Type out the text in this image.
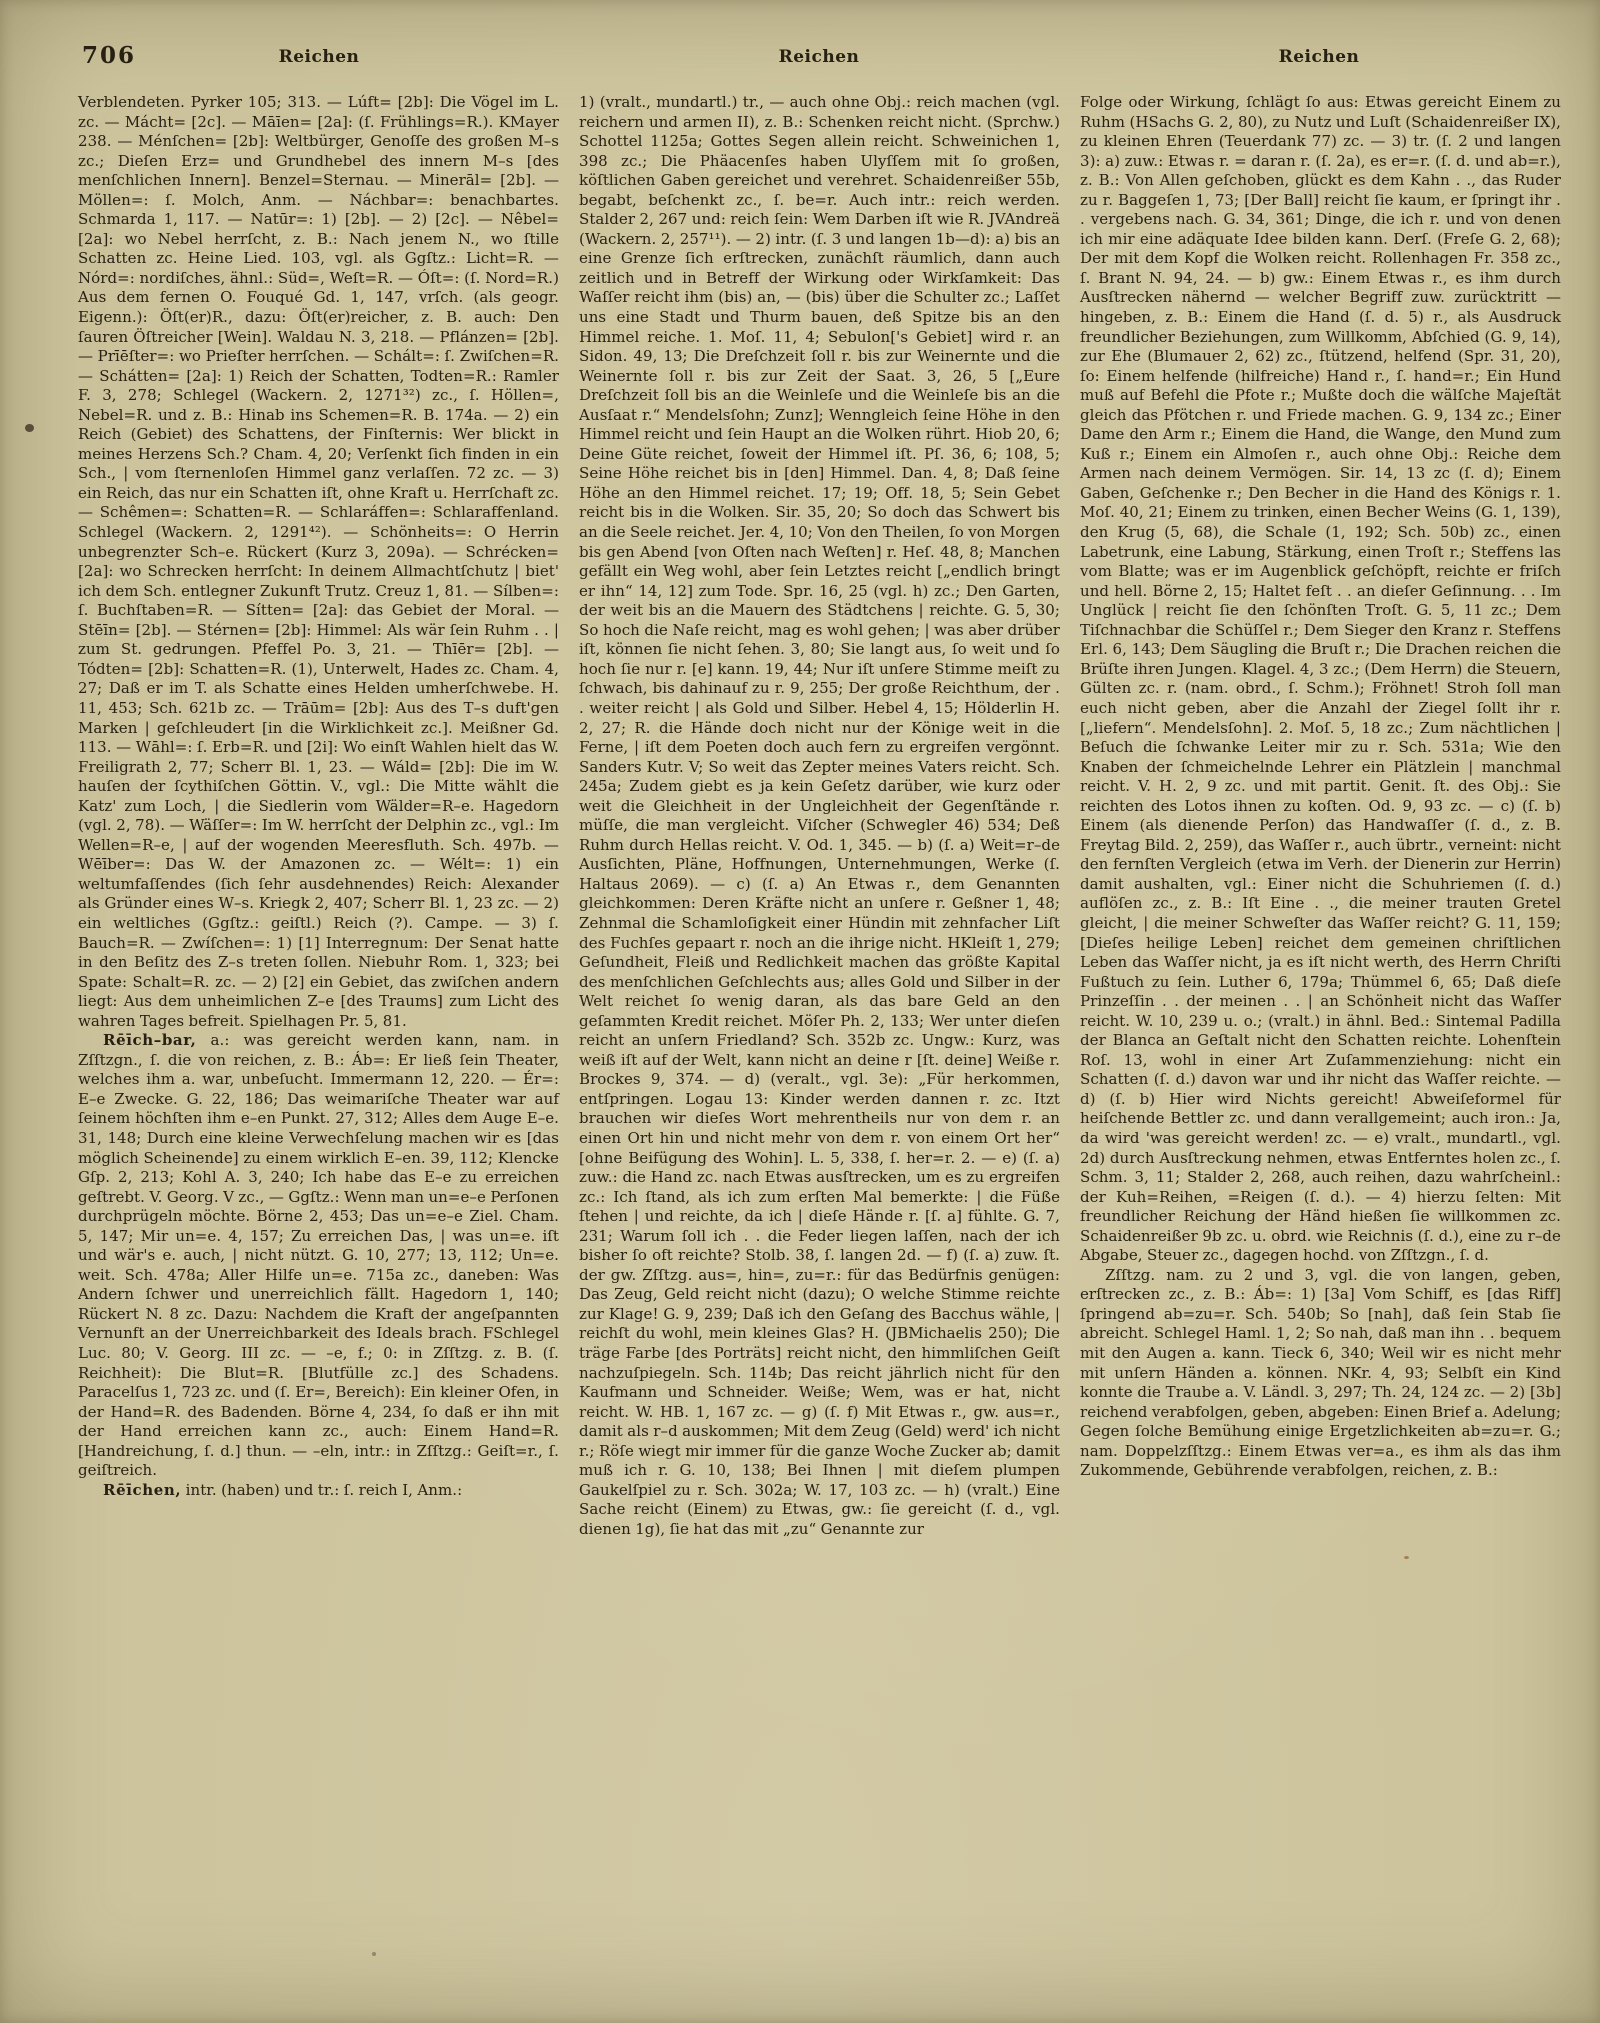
706	Reichen	Reichen	Reichen

Verblendeten. Pyrker 105; 313. — Lúft= [2b]: Die Vögel im L. zc. — Mácht= [2c]. — Māīen= [2a]: (ſ. Frühlings=R.). KMayer 238. — Ménſchen= [2b]: Weltbürger, Genoſſe des großen M–s zc.; Dieſen Erz= und Grundhebel des innern M–s [des menſchlichen Innern]. Benzel=Sternau. — Minerāl= [2b]. — Möllen=: ſ. Molch, Anm. — Náchbar=: benachbartes. Schmarda 1, 117. — Natūr=: 1) [2b]. — 2) [2c]. — Nêbel= [2a]: wo Nebel herrſcht, z. B.: Nach jenem N., wo ſtille Schatten zc. Heine Lied. 103, vgl. als Ggſtz.: Licht=R. — Nórd=: nordiſches, ähnl.: Süd=, Weſt=R. — Óſt=: (ſ. Nord=R.) Aus dem fernen O. Fouqué Gd. 1, 147, vrſch. (als geogr. Eigenn.): Öſt(er)R., dazu: Öſt(er)reicher, z. B. auch: Den ſauren Öſtreicher [Wein]. Waldau N. 3, 218. — Pflánzen= [2b]. — Prīēſter=: wo Prieſter herrſchen. — Schált=: ſ. Zwiſchen=R. — Schátten= [2a]: 1) Reich der Schatten, Todten=R.: Ramler F. 3, 278; Schlegel (Wackern. 2, 1271³²) zc., ſ. Höllen=, Nebel=R. und z. B.: Hinab ins Schemen=R. B. 174a. — 2) ein Reich (Gebiet) des Schattens, der Finſternis: Wer blickt in meines Herzens Sch.? Cham. 4, 20; Verſenkt ſich finden in ein Sch., | vom ſternenloſen Himmel ganz verlaſſen. 72 zc. — 3) ein Reich, das nur ein Schatten iſt, ohne Kraft u. Herrſchaft zc. — Schêmen=: Schatten=R. — Schlaráffen=: Schlaraffenland. Schlegel (Wackern. 2, 1291⁴²). — Schönheits=: O Herrin unbegrenzter Sch–e. Rückert (Kurz 3, 209a). — Schrécken= [2a]: wo Schrecken herrſcht: In deinem Allmachtſchutz | biet' ich dem Sch. entlegner Zukunft Trutz. Creuz 1, 81. — Sílben=: ſ. Buchſtaben=R. — Sítten= [2a]: das Gebiet der Moral. — Stēīn= [2b]. — Stérnen= [2b]: Himmel: Als wär ſein Ruhm . . | zum St. gedrungen. Pfeffel Po. 3, 21. — Thīēr= [2b]. — Tódten= [2b]: Schatten=R. (1), Unterwelt, Hades zc. Cham. 4, 27; Daß er im T. als Schatte eines Helden umherſchwebe. H. 11, 453; Sch. 621b zc. — Trāūm= [2b]: Aus des T–s duft'gen Marken | geſchleudert [in die Wirklichkeit zc.]. Meißner Gd. 113. — Wāhl=: ſ. Erb=R. und [2i]: Wo einſt Wahlen hielt das W. Freiligrath 2, 77; Scherr Bl. 1, 23. — Wáld= [2b]: Die im W. hauſen der ſcythiſchen Göttin. V., vgl.: Die Mitte wählt die Katz' zum Loch, | die Siedlerin vom Wälder=R–e. Hagedorn (vgl. 2, 78). — Wäſſer=: Im W. herrſcht der Delphin zc., vgl.: Im Wellen=R–e, | auf der wogenden Meeresfluth. Sch. 497b. — Wēīber=: Das W. der Amazonen zc. — Wélt=: 1) ein weltumfaſſendes (ſich ſehr ausdehnendes) Reich: Alexander als Gründer eines W–s. Kriegk 2, 407; Scherr Bl. 1, 23 zc. — 2) ein weltliches (Ggſtz.: geiſtl.) Reich (?). Campe. — 3) ſ. Bauch=R. — Zwíſchen=: 1) [1] Interregnum: Der Senat hatte in den Beſitz des Z–s treten ſollen. Niebuhr Rom. 1, 323; bei Spate: Schalt=R. zc. — 2) [2] ein Gebiet, das zwiſchen andern liegt: Aus dem unheimlichen Z–e [des Traums] zum Licht des wahren Tages befreit. Spielhagen Pr. 5, 81.

Rēīch–bar, a.: was gereicht werden kann, nam. in Zſſtzgn., ſ. die von reichen, z. B.: Áb=: Er ließ ſein Theater, welches ihm a. war, unbeſucht. Immermann 12, 220. — Ér=: E–e Zwecke. G. 22, 186; Das weimariſche Theater war auf ſeinem höchſten ihm e–en Punkt. 27, 312; Alles dem Auge E–e. 31, 148; Durch eine kleine Verwechſelung machen wir es [das möglich Scheinende] zu einem wirklich E–en. 39, 112; Klencke Gſp. 2, 213; Kohl A. 3, 240; Ich habe das E–e zu erreichen geſtrebt. V. Georg. V zc., — Ggſtz.: Wenn man un=e–e Perſonen durchprügeln möchte. Börne 2, 453; Das un=e–e Ziel. Cham. 5, 147; Mir un=e. 4, 157; Zu erreichen Das, | was un=e. iſt und wär's e. auch, | nicht nützt. G. 10, 277; 13, 112; Un=e. weit. Sch. 478a; Aller Hilfe un=e. 715a zc., daneben: Was Andern ſchwer und unerreichlich fällt. Hagedorn 1, 140; Rückert N. 8 zc. Dazu: Nachdem die Kraft der angeſpannten Vernunft an der Unerreichbarkeit des Ideals brach. FSchlegel Luc. 80; V. Georg. III zc. — –e, f.; 0: in Zſſtzg. z. B. (ſ. Reichheit): Die Blut=R. [Blutfülle zc.] des Schadens. Paracelſus 1, 723 zc. und (ſ. Er=, Bereich): Ein kleiner Ofen, in der Hand=R. des Badenden. Börne 4, 234, ſo daß er ihn mit der Hand erreichen kann zc., auch: Einem Hand=R. [Handreichung, ſ. d.] thun. — –eln, intr.: in Zſſtzg.: Geiſt=r., ſ. geiſtreich.

Rēīchen, intr. (haben) und tr.: ſ. reich I, Anm.:

1) (vralt., mundartl.) tr., — auch ohne Obj.: reich machen (vgl. reichern und armen II), z. B.: Schenken reicht nicht. (Sprchw.) Schottel 1125a; Gottes Segen allein reicht. Schweinichen 1, 398 zc.; Die Phäacenſes haben Ulyſſem mit ſo großen, köſtlichen Gaben gereichet und verehret. Schaidenreißer 55b, begabt, beſchenkt zc., ſ. be=r. Auch intr.: reich werden. Stalder 2, 267 und: reich ſein: Wem Darben iſt wie R. JVAndreä (Wackern. 2, 257¹¹). — 2) intr. (ſ. 3 und langen 1b—d): a) bis an eine Grenze ſich erſtrecken, zunächſt räumlich, dann auch zeitlich und in Betreff der Wirkung oder Wirkſamkeit: Das Waſſer reicht ihm (bis) an, — (bis) über die Schulter zc.; Laſſet uns eine Stadt und Thurm bauen, deß Spitze bis an den Himmel reiche. 1. Moſ. 11, 4; Sebulon['s Gebiet] wird r. an Sidon. 49, 13; Die Dreſchzeit ſoll r. bis zur Weinernte und die Weinernte ſoll r. bis zur Zeit der Saat. 3, 26, 5 [„Eure Dreſchzeit ſoll bis an die Weinleſe und die Weinleſe bis an die Ausſaat r.“ Mendelsſohn; Zunz]; Wenngleich ſeine Höhe in den Himmel reicht und ſein Haupt an die Wolken rührt. Hiob 20, 6; Deine Güte reichet, ſoweit der Himmel iſt. Pſ. 36, 6; 108, 5; Seine Höhe reichet bis in [den] Himmel. Dan. 4, 8; Daß ſeine Höhe an den Himmel reichet. 17; 19; Off. 18, 5; Sein Gebet reicht bis in die Wolken. Sir. 35, 20; So doch das Schwert bis an die Seele reichet. Jer. 4, 10; Von den Theilen, ſo von Morgen bis gen Abend [von Oſten nach Weſten] r. Heſ. 48, 8; Manchen gefällt ein Weg wohl, aber ſein Letztes reicht [„endlich bringt er ihn“ 14, 12] zum Tode. Spr. 16, 25 (vgl. h) zc.; Den Garten, der weit bis an die Mauern des Städtchens | reichte. G. 5, 30; So hoch die Naſe reicht, mag es wohl gehen; | was aber drüber iſt, können ſie nicht ſehen. 3, 80; Sie langt aus, ſo weit und ſo hoch ſie nur r. [e] kann. 19, 44; Nur iſt unſere Stimme meiſt zu ſchwach, bis dahinauf zu r. 9, 255; Der große Reichthum, der . . weiter reicht | als Gold und Silber. Hebel 4, 15; Hölderlin H. 2, 27; R. die Hände doch nicht nur der Könige weit in die Ferne, | iſt dem Poeten doch auch fern zu ergreifen vergönnt. Sanders Kutr. V; So weit das Zepter meines Vaters reicht. Sch. 245a; Zudem giebt es ja kein Geſetz darüber, wie kurz oder weit die Gleichheit in der Ungleichheit der Gegenſtände r. müſſe, die man vergleicht. Viſcher (Schwegler 46) 534; Deß Ruhm durch Hellas reicht. V. Od. 1, 345. — b) (ſ. a) Weit=r–de Ausſichten, Pläne, Hoffnungen, Unternehmungen, Werke (ſ. Haltaus 2069). — c) (ſ. a) An Etwas r., dem Genannten gleichkommen: Deren Kräfte nicht an unſere r. Geßner 1, 48; Zehnmal die Schamloſigkeit einer Hündin mit zehnfacher Liſt des Fuchſes gepaart r. noch an die ihrige nicht. HKleiſt 1, 279; Geſundheit, Fleiß und Redlichkeit machen das größte Kapital des menſchlichen Geſchlechts aus; alles Gold und Silber in der Welt reichet ſo wenig daran, als das bare Geld an den geſammten Kredit reichet. Möſer Ph. 2, 133; Wer unter dieſen reicht an unſern Friedland? Sch. 352b zc. Ungw.: Kurz, was weiß iſt auf der Welt, kann nicht an deine r [ſt. deine] Weiße r. Brockes 9, 374. — d) (veralt., vgl. 3e): „Für herkommen, entſpringen. Logau 13: Kinder werden dannen r. zc. Itzt brauchen wir dieſes Wort mehrentheils nur von dem r. an einen Ort hin und nicht mehr von dem r. von einem Ort her“ [ohne Beifügung des Wohin]. L. 5, 338, ſ. her=r. 2. — e) (ſ. a) zuw.: die Hand zc. nach Etwas ausſtrecken, um es zu ergreifen zc.: Ich ſtand, als ich zum erſten Mal bemerkte: | die Füße ſtehen | und reichte, da ich | dieſe Hände r. [ſ. a] fühlte. G. 7, 231; Warum ſoll ich . . die Feder liegen laſſen, nach der ich bisher ſo oft reichte? Stolb. 38, ſ. langen 2d. — f) (ſ. a) zuw. ſt. der gw. Zſſtzg. aus=, hin=, zu=r.: für das Bedürfnis genügen: Das Zeug, Geld reicht nicht (dazu); O welche Stimme reichte zur Klage! G. 9, 239; Daß ich den Geſang des Bacchus wähle, | reichſt du wohl, mein kleines Glas? H. (JBMichaelis 250); Die träge Farbe [des Porträts] reicht nicht, den himmliſchen Geiſt nachzuſpiegeln. Sch. 114b; Das reicht jährlich nicht für den Kaufmann und Schneider. Weiße; Wem, was er hat, nicht reicht. W. HB. 1, 167 zc. — g) (ſ. f) Mit Etwas r., gw. aus=r., damit als r–d auskommen; Mit dem Zeug (Geld) werd' ich nicht r.; Röſe wiegt mir immer für die ganze Woche Zucker ab; damit muß ich r. G. 10, 138; Bei Ihnen | mit dieſem plumpen Gaukelſpiel zu r. Sch. 302a; W. 17, 103 zc. — h) (vralt.) Eine Sache reicht (Einem) zu Etwas, gw.: ſie gereicht (ſ. d., vgl. dienen 1g), ſie hat das mit „zu“ Genannte zur

Folge oder Wirkung, ſchlägt ſo aus: Etwas gereicht Einem zu Ruhm (HSachs G. 2, 80), zu Nutz und Luſt (Schaidenreißer IX), zu kleinen Ehren (Teuerdank 77) zc. — 3) tr. (ſ. 2 und langen 3): a) zuw.: Etwas r. = daran r. (ſ. 2a), es er=r. (ſ. d. und ab=r.), z. B.: Von Allen geſchoben, glückt es dem Kahn . ., das Ruder zu r. Baggeſen 1, 73; [Der Ball] reicht ſie kaum, er ſpringt ihr . . vergebens nach. G. 34, 361; Dinge, die ich r. und von denen ich mir eine adäquate Idee bilden kann. Derſ. (Freſe G. 2, 68); Der mit dem Kopf die Wolken reicht. Rollenhagen Fr. 358 zc., ſ. Brant N. 94, 24. — b) gw.: Einem Etwas r., es ihm durch Ausſtrecken nähernd — welcher Begriff zuw. zurücktritt — hingeben, z. B.: Einem die Hand (ſ. d. 5) r., als Ausdruck freundlicher Beziehungen, zum Willkomm, Abſchied (G. 9, 14), zur Ehe (Blumauer 2, 62) zc., ſtützend, helfend (Spr. 31, 20), ſo: Einem helfende (hilfreiche) Hand r., ſ. hand=r.; Ein Hund muß auf Befehl die Pfote r.; Mußte doch die wälſche Majeſtät gleich das Pfötchen r. und Friede machen. G. 9, 134 zc.; Einer Dame den Arm r.; Einem die Hand, die Wange, den Mund zum Kuß r.; Einem ein Almoſen r., auch ohne Obj.: Reiche dem Armen nach deinem Vermögen. Sir. 14, 13 zc (ſ. d); Einem Gaben, Geſchenke r.; Den Becher in die Hand des Königs r. 1. Moſ. 40, 21; Einem zu trinken, einen Becher Weins (G. 1, 139), den Krug (5, 68), die Schale (1, 192; Sch. 50b) zc., einen Labetrunk, eine Labung, Stärkung, einen Troſt r.; Steffens las vom Blatte; was er im Augenblick geſchöpft, reichte er friſch und hell. Börne 2, 15; Haltet feſt . . an dieſer Geſinnung. . . Im Unglück | reicht ſie den ſchönſten Troſt. G. 5, 11 zc.; Dem Tiſchnachbar die Schüſſel r.; Dem Sieger den Kranz r. Steffens Erl. 6, 143; Dem Säugling die Bruſt r.; Die Drachen reichen die Brüſte ihren Jungen. Klagel. 4, 3 zc.; (Dem Herrn) die Steuern, Gülten zc. r. (nam. obrd., ſ. Schm.); Fröhnet! Stroh ſoll man euch nicht geben, aber die Anzahl der Ziegel ſollt ihr r. [„liefern“. Mendelsſohn]. 2. Moſ. 5, 18 zc.; Zum nächtlichen | Beſuch die ſchwanke Leiter mir zu r. Sch. 531a; Wie den Knaben der ſchmeichelnde Lehrer ein Plätzlein | manchmal reicht. V. H. 2, 9 zc. und mit partit. Genit. ſt. des Obj.: Sie reichten des Lotos ihnen zu koſten. Od. 9, 93 zc. — c) (ſ. b) Einem (als dienende Perſon) das Handwaſſer (ſ. d., z. B. Freytag Bild. 2, 259), das Waſſer r., auch übrtr., verneint: nicht den fernſten Vergleich (etwa im Verh. der Dienerin zur Herrin) damit aushalten, vgl.: Einer nicht die Schuhriemen (ſ. d.) auflöſen zc., z. B.: Iſt Eine . ., die meiner trauten Gretel gleicht, | die meiner Schweſter das Waſſer reicht? G. 11, 159; [Dieſes heilige Leben] reichet dem gemeinen chriſtlichen Leben das Waſſer nicht, ja es iſt nicht werth, des Herrn Chriſti Fußtuch zu ſein. Luther 6, 179a; Thümmel 6, 65; Daß dieſe Prinzeſſin . . der meinen . . | an Schönheit nicht das Waſſer reicht. W. 10, 239 u. o.; (vralt.) in ähnl. Bed.: Sintemal Padilla der Blanca an Geſtalt nicht den Schatten reichte. Lohenſtein Roſ. 13, wohl in einer Art Zuſammenziehung: nicht ein Schatten (ſ. d.) davon war und ihr nicht das Waſſer reichte. — d) (ſ. b) Hier wird Nichts gereicht! Abweiſeformel für heiſchende Bettler zc. und dann verallgemeint; auch iron.: Ja, da wird 'was gereicht werden! zc. — e) vralt., mundartl., vgl. 2d) durch Ausſtreckung nehmen, etwas Entferntes holen zc., ſ. Schm. 3, 11; Stalder 2, 268, auch reihen, dazu wahrſcheinl.: der Kuh=Reihen, =Reigen (ſ. d.). — 4) hierzu ſelten: Mit freundlicher Reichung der Händ hießen ſie willkommen zc. Schaidenreißer 9b zc. u. obrd. wie Reichnis (ſ. d.), eine zu r–de Abgabe, Steuer zc., dagegen hochd. von Zſſtzgn., ſ. d.

Zſſtzg. nam. zu 2 und 3, vgl. die von langen, geben, erſtrecken zc., z. B.: Áb=: 1) [3a] Vom Schiff, es [das Riff] ſpringend ab=zu=r. Sch. 540b; So [nah], daß ſein Stab ſie abreicht. Schlegel Haml. 1, 2; So nah, daß man ihn . . bequem mit den Augen a. kann. Tieck 6, 340; Weil wir es nicht mehr mit unſern Händen a. können. NKr. 4, 93; Selbſt ein Kind konnte die Traube a. V. Ländl. 3, 297; Th. 24, 124 zc. — 2) [3b] reichend verabfolgen, geben, abgeben: Einen Brief a. Adelung; Gegen ſolche Bemühung einige Ergetzlichkeiten ab=zu=r. G.; nam. Doppelzſſtzg.: Einem Etwas ver=a., es ihm als das ihm Zukommende, Gebührende verabfolgen, reichen, z. B.:
